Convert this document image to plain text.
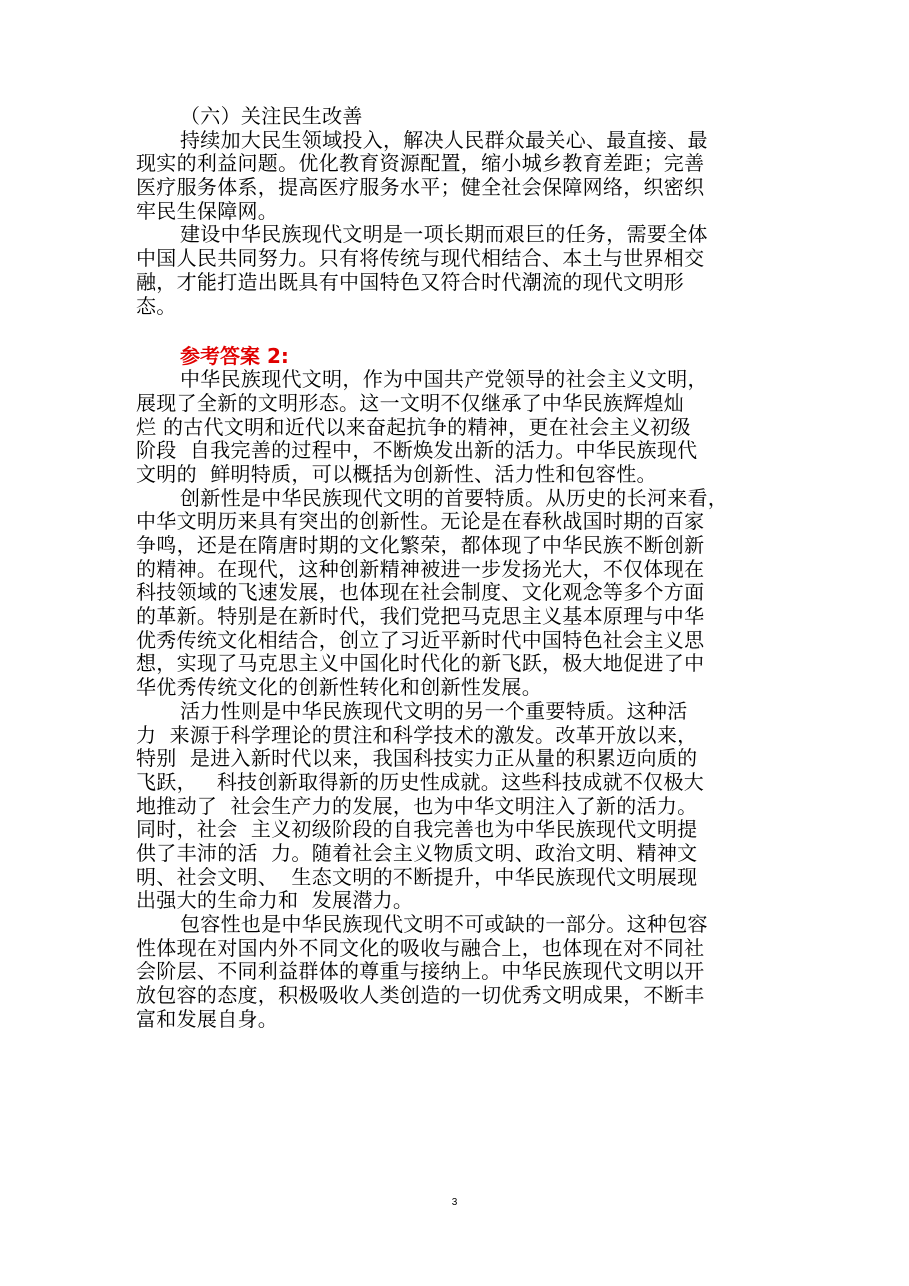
（六）关注民生改善
持续加大民生领域投入，解决人民群众最关心、最直接、最
现实的利益问题。优化教育资源配置，缩小城乡教育差距；完善
医疗服务体系，提高医疗服务水平；健全社会保障网络，织密织
牢民生保障网。
建设中华民族现代文明是一项长期而艰巨的任务，需要全体
中国人民共同努力。只有将传统与现代相结合、本土与世界相交
融，才能打造出既具有中国特色又符合时代潮流的现代文明形
态。
参考答案 2:
中华民族现代文明，作为中国共产党领导的社会主义文明，
展现了全新的文明形态。这一文明不仅继承了中华民族辉煌灿
烂 的古代文明和近代以来奋起抗争的精神，更在社会主义初级
阶段  自我完善的过程中，不断焕发出新的活力。中华民族现代
文明的  鲜明特质，可以概括为创新性、活力性和包容性。
创新性是中华民族现代文明的首要特质。从历史的长河来看，
中华文明历来具有突出的创新性。无论是在春秋战国时期的百家
争鸣，还是在隋唐时期的文化繁荣，都体现了中华民族不断创新
的精神。在现代，这种创新精神被进一步发扬光大，不仅体现在
科技领域的飞速发展，也体现在社会制度、文化观念等多个方面
的革新。特别是在新时代，我们党把马克思主义基本原理与中华
优秀传统文化相结合，创立了习近平新时代中国特色社会主义思
想，实现了马克思主义中国化时代化的新飞跃，极大地促进了中
华优秀传统文化的创新性转化和创新性发展。
活力性则是中华民族现代文明的另一个重要特质。这种活
力  来源于科学理论的贯注和科学技术的激发。改革开放以来，
特别  是进入新时代以来，我国科技实力正从量的积累迈向质的
飞跃，   科技创新取得新的历史性成就。这些科技成就不仅极大
地推动了  社会生产力的发展，也为中华文明注入了新的活力。
同时，社会  主义初级阶段的自我完善也为中华民族现代文明提
供了丰沛的活  力。随着社会主义物质文明、政治文明、精神文
明、社会文明、  生态文明的不断提升，中华民族现代文明展现
出强大的生命力和  发展潜力。
包容性也是中华民族现代文明不可或缺的一部分。这种包容
性体现在对国内外不同文化的吸收与融合上，也体现在对不同社
会阶层、不同利益群体的尊重与接纳上。中华民族现代文明以开
放包容的态度，积极吸收人类创造的一切优秀文明成果，不断丰
富和发展自身。
3
